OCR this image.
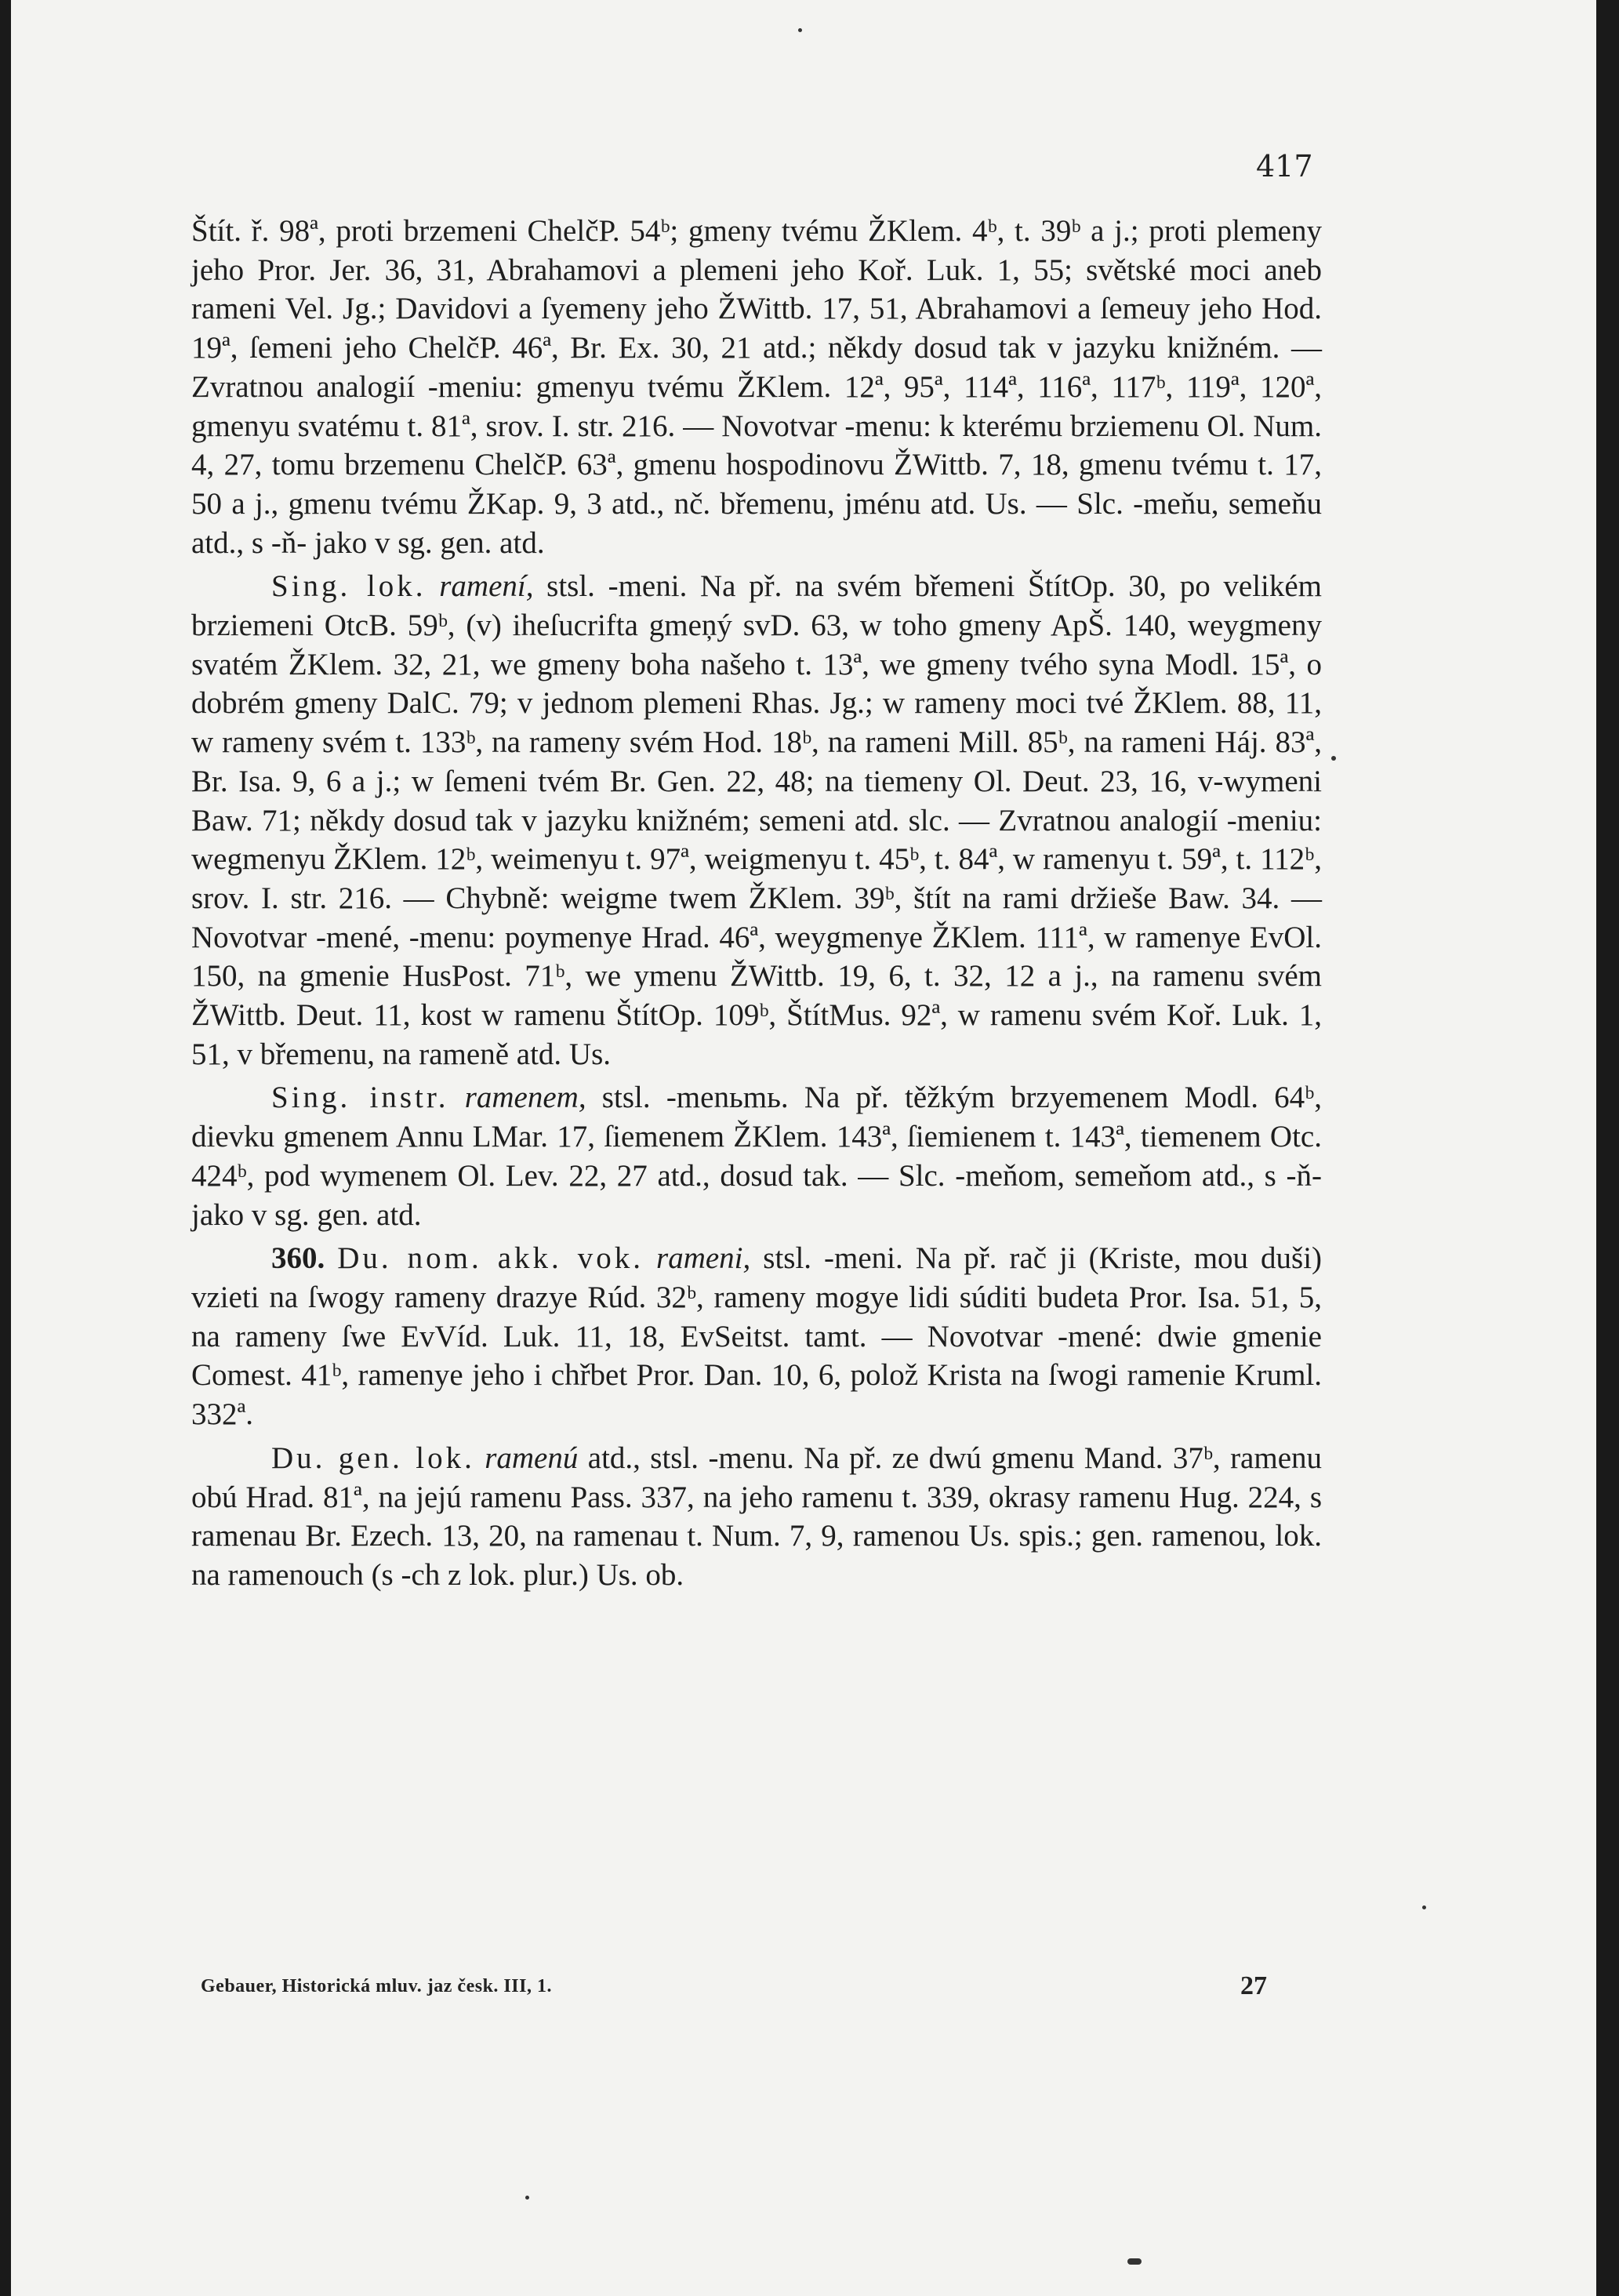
417

Štít. ř. 98ª, proti brzemeni ChelčP. 54ᵇ; gmeny tvému ŽKlem. 4ᵇ, t. 39ᵇ a j.; proti plemeny jeho Pror. Jer. 36, 31, Abrahamovi a plemeni jeho Koř. Luk. 1, 55; světské moci aneb rameni Vel. Jg.; Davidovi a ſyemeny jeho ŽWittb. 17, 51, Abrahamovi a ſemeuy jeho Hod. 19ª, ſemeni jeho ChelčP. 46ª, Br. Ex. 30, 21 atd.; někdy dosud tak v jazyku knižném. — Zvratnou analogií -meniu: gmenyu tvému ŽKlem. 12ª, 95ª, 114ª, 116ª, 117ᵇ, 119ª, 120ª, gmenyu svatému t. 81ª, srov. I. str. 216. — Novotvar -menu: k kterému brziemenu Ol. Num. 4, 27, tomu brzemenu ChelčP. 63ª, gmenu hospodinovu ŽWittb. 7, 18, gmenu tvému t. 17, 50 a j., gmenu tvému ŽKap. 9, 3 atd., nč. břemenu, jménu atd. Us. — Slc. -meňu, semeňu atd., s -ň- jako v sg. gen. atd.

Sing. lok. ramení, stsl. -meni. Na př. na svém břemeni ŠtítOp. 30, po velikém brziemeni OtcB. 59ᵇ, (v) iheſucrifta gmeņý svD. 63, w toho gmeny ApŠ. 140, weygmeny svatém ŽKlem. 32, 21, we gmeny boha našeho t. 13ª, we gmeny tvého syna Modl. 15ª, o dobrém gmeny DalC. 79; v jednom plemeni Rhas. Jg.; w rameny moci tvé ŽKlem. 88, 11, w rameny svém t. 133ᵇ, na rameny svém Hod. 18ᵇ, na rameni Mill. 85ᵇ, na rameni Háj. 83ª, Br. Isa. 9, 6 a j.; w ſemeni tvém Br. Gen. 22, 48; na tiemeny Ol. Deut. 23, 16, v-wymeni Baw. 71; někdy dosud tak v jazyku knižném; semeni atd. slc. — Zvratnou analogií -meniu: wegmenyu ŽKlem. 12ᵇ, weimenyu t. 97ª, weigmenyu t. 45ᵇ, t. 84ª, w ramenyu t. 59ª, t. 112ᵇ, srov. I. str. 216. — Chybně: weigme twem ŽKlem. 39ᵇ, štít na rami držieše Baw. 34. — Novotvar -mené, -menu: poymenye Hrad. 46ª, weygmenye ŽKlem. 111ª, w ramenye EvOl. 150, na gmenie HusPost. 71ᵇ, we ymenu ŽWittb. 19, 6, t. 32, 12 a j., na ramenu svém ŽWittb. Deut. 11, kost w ramenu ŠtítOp. 109ᵇ, ŠtítMus. 92ª, w ramenu svém Koř. Luk. 1, 51, v břemenu, na rameně atd. Us.

Sing. instr. ramenem, stsl. -menьmь. Na př. těžkým brzyemenem Modl. 64ᵇ, dievku gmenem Annu LMar. 17, ſiemenem ŽKlem. 143ª, ſiemienem t. 143ª, tiemenem Otc. 424ᵇ, pod wymenem Ol. Lev. 22, 27 atd., dosud tak. — Slc. -meňom, semeňom atd., s -ň- jako v sg. gen. atd.

360. Du. nom. akk. vok. rameni, stsl. -meni. Na př. rač ji (Kriste, mou duši) vzieti na ſwogy rameny drazye Rúd. 32ᵇ, rameny mogye lidi súditi budeta Pror. Isa. 51, 5, na rameny ſwe EvVíd. Luk. 11, 18, EvSeitst. tamt. — Novotvar -mené: dwie gmenie Comest. 41ᵇ, ramenye jeho i chřbet Pror. Dan. 10, 6, polož Krista na ſwogi ramenie Kruml. 332ª.

Du. gen. lok. ramenú atd., stsl. -menu. Na př. ze dwú gmenu Mand. 37ᵇ, ramenu obú Hrad. 81ª, na jejú ramenu Pass. 337, na jeho ramenu t. 339, okrasy ramenu Hug. 224, s ramenau Br. Ezech. 13, 20, na ramenau t. Num. 7, 9, ramenou Us. spis.; gen. ramenou, lok. na ramenouch (s -ch z lok. plur.) Us. ob.

Gebauer, Historická mluv. jaz česk. III, 1.	27
